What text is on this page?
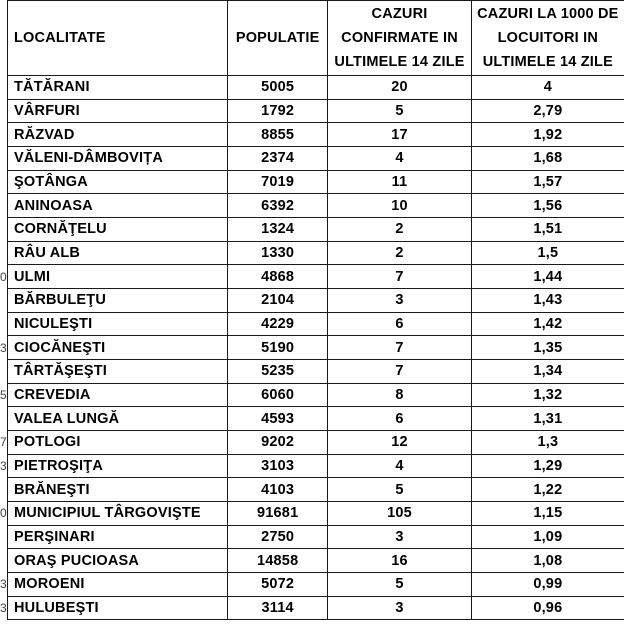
	LOCALITATE	POPULATIE	CAZURI CONFIRMATE IN ULTIMELE 14 ZILE	CAZURI LA 1000 DE LOCUITORI IN ULTIMELE 14 ZILE
	TĂTĂRANI	5005	20	4
	VÂRFURI	1792	5	2,79
	RĂZVAD	8855	17	1,92
	VĂLENI-DÂMBOVIȚA	2374	4	1,68
	ŞOTÂNGA	7019	11	1,57
	ANINOASA	6392	10	1,56
	CORNĂŢELU	1324	2	1,51
	RÂU ALB	1330	2	1,5
0	ULMI	4868	7	1,44
	BĂRBULEŢU	2104	3	1,43
	NICULEŞTI	4229	6	1,42
3	CIOCĂNEŞTI	5190	7	1,35
	TÂRTĂŞEŞTI	5235	7	1,34
5	CREVEDIA	6060	8	1,32
	VALEA LUNGĂ	4593	6	1,31
7	POTLOGI	9202	12	1,3
3	PIETROŞIŢA	3103	4	1,29
	BRĂNEŞTI	4103	5	1,22
0	MUNICIPIUL TÂRGOVIŞTE	91681	105	1,15
	PERŞINARI	2750	3	1,09
	ORAŞ PUCIOASA	14858	16	1,08
3	MOROENI	5072	5	0,99
3	HULUBEŞTI	3114	3	0,96
